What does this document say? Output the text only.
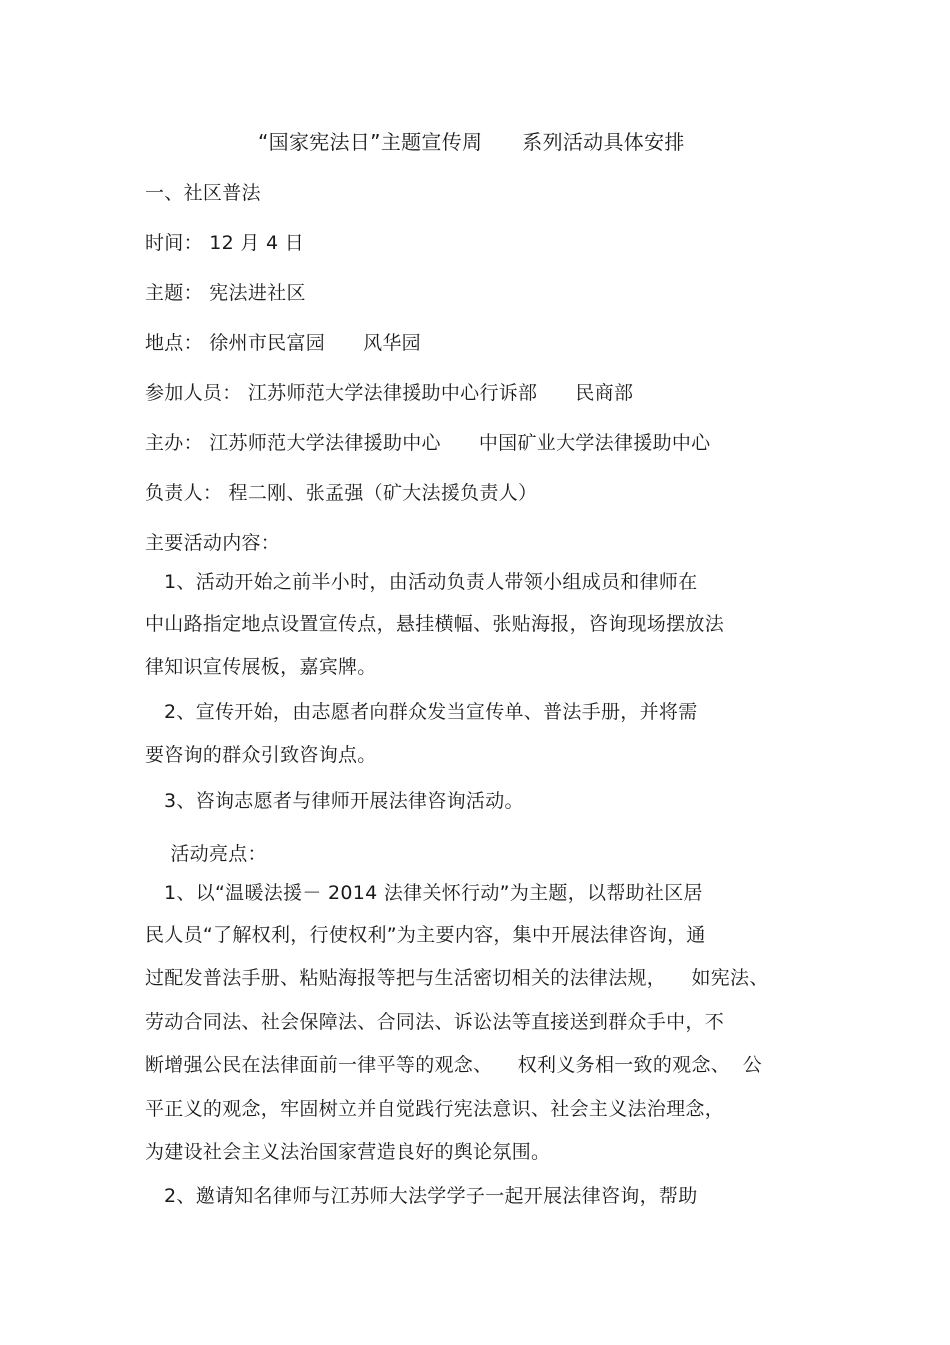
“国家宪法日”主题宣传周      系列活动具体安排
一、社区普法
时间： 12 月 4 日
主题： 宪法进社区
地点： 徐州市民富园      风华园
参加人员： 江苏师范大学法律援助中心行诉部      民商部
主办： 江苏师范大学法律援助中心      中国矿业大学法律援助中心
负责人： 程二刚、张孟强（矿大法援负责人）
主要活动内容：
1、活动开始之前半小时，由活动负责人带领小组成员和律师在
中山路指定地点设置宣传点，悬挂横幅、张贴海报，咨询现场摆放法
律知识宣传展板，嘉宾牌。
2、宣传开始，由志愿者向群众发当宣传单、普法手册，并将需
要咨询的群众引致咨询点。
3、咨询志愿者与律师开展法律咨询活动。
活动亮点：
1、以“温暖法援－ 2014 法律关怀行动”为主题，以帮助社区居
民人员“了解权利，行使权利”为主要内容，集中开展法律咨询，通
过配发普法手册、粘贴海报等把与生活密切相关的法律法规，    如宪法、
劳动合同法、社会保障法、合同法、诉讼法等直接送到群众手中，不
断增强公民在法律面前一律平等的观念、    权利义务相一致的观念、  公
平正义的观念，牢固树立并自觉践行宪法意识、社会主义法治理念，
为建设社会主义法治国家营造良好的舆论氛围。
2、邀请知名律师与江苏师大法学学子一起开展法律咨询，帮助
